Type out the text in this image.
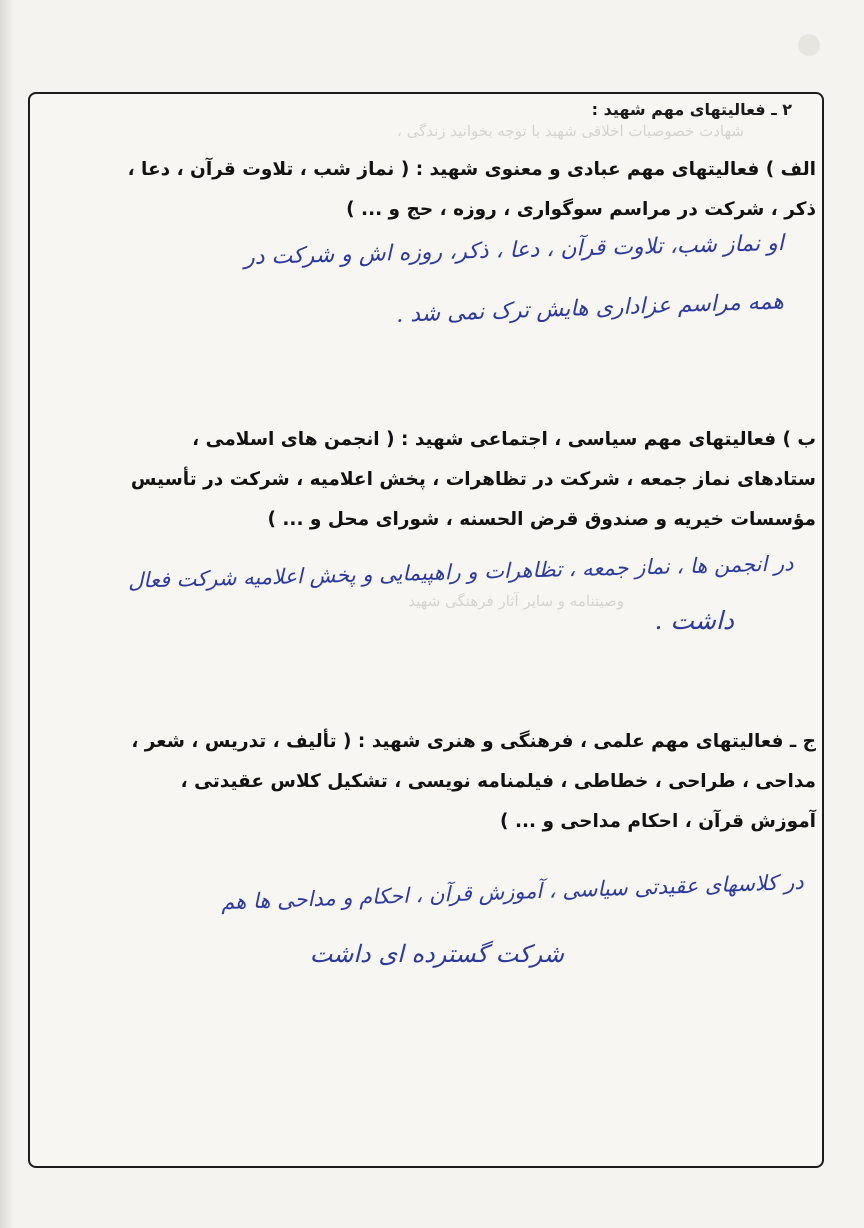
شهادت خصوصیات اخلاقی شهید با توجه بخوانید زندگی ،
وصیتنامه و سایر آثار فرهنگی شهید
۲ ـ فعالیتهای مهم شهید :
الف ) فعالیتهای مهم عبادی و معنوی شهید : ( نماز شب ، تلاوت قرآن ، دعا ،
ذکر ، شرکت در مراسم سوگواری ، روزه ، حج و ... )
او نماز شب، تلاوت قرآن ، دعا ، ذکر، روزه اش و شرکت در
همه مراسم عزاداری هایش ترک نمی شد .
ب ) فعالیتهای مهم سیاسی ، اجتماعی شهید : ( انجمن های اسلامی ،
ستادهای نماز جمعه ، شرکت در تظاهرات ، پخش اعلامیه ، شرکت در تأسیس
مؤسسات خیریه و صندوق قرض الحسنه ، شورای محل و ... )
در انجمن ها ، نماز جمعه ، تظاهرات و راهپیمایی و پخش اعلامیه شرکت فعال
داشت .
ج ـ فعالیتهای مهم علمی ، فرهنگی و هنری شهید : ( تألیف ، تدریس ، شعر ،
مداحی ، طراحی ، خطاطی ، فیلمنامه نویسی ، تشکیل کلاس عقیدتی ،
آموزش قرآن ، احکام مداحی و ... )
در کلاسهای عقیدتی سیاسی ، آموزش قرآن ، احکام و مداحی ها هم
شرکت گسترده ای داشت
